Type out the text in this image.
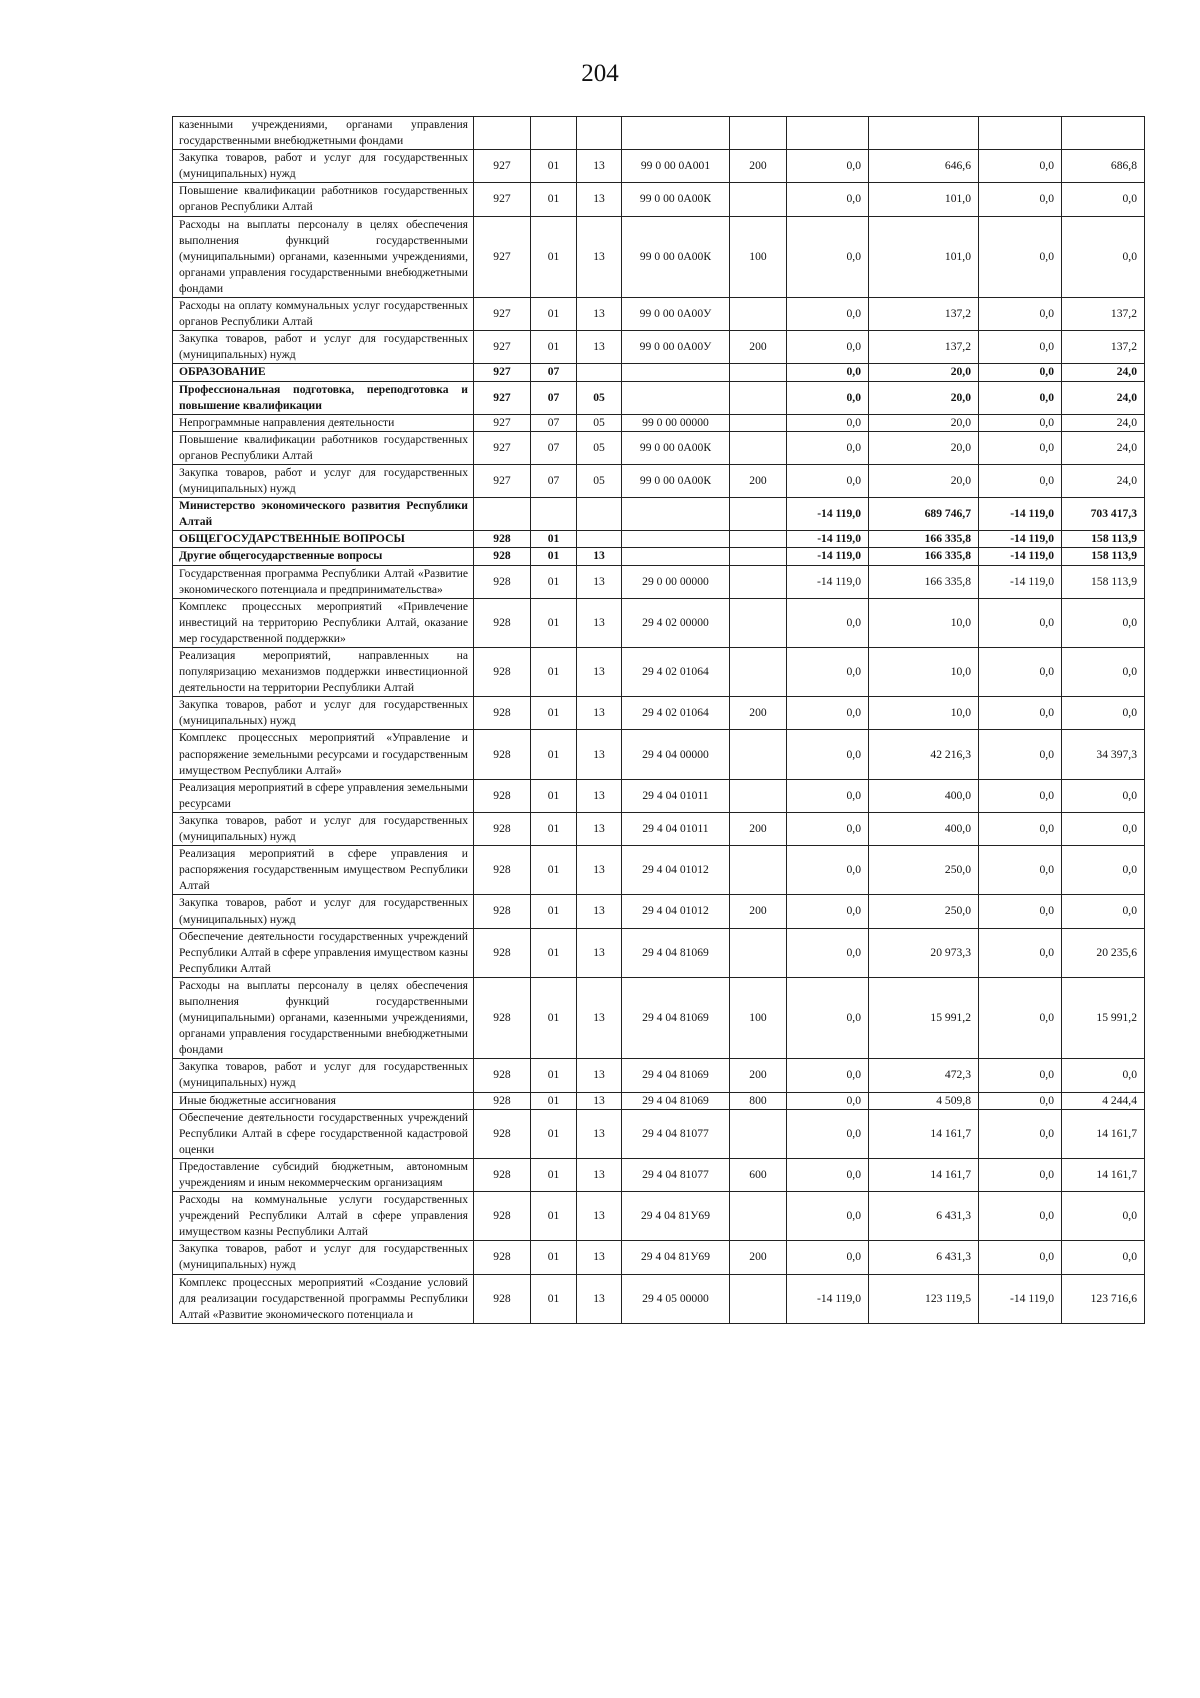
204
казенными учреждениями, органами управления государственными внебюджетными фондами									
Закупка товаров, работ и услуг для государственных (муниципальных) нужд	927	01	13	99 0 00 0А001	200	0,0	646,6	0,0	686,8
Повышение квалификации работников государственных органов Республики Алтай	927	01	13	99 0 00 0А00К		0,0	101,0	0,0	0,0
Расходы на выплаты персоналу в целях обеспечения выполнения функций государственными (муниципальными) органами, казенными учреждениями, органами управления государственными внебюджетными фондами	927	01	13	99 0 00 0А00К	100	0,0	101,0	0,0	0,0
Расходы на оплату коммунальных услуг государственных органов Республики Алтай	927	01	13	99 0 00 0А00У		0,0	137,2	0,0	137,2
Закупка товаров, работ и услуг для государственных (муниципальных) нужд	927	01	13	99 0 00 0А00У	200	0,0	137,2	0,0	137,2
ОБРАЗОВАНИЕ	927	07				0,0	20,0	0,0	24,0
Профессиональная подготовка, переподготовка и повышение квалификации	927	07	05			0,0	20,0	0,0	24,0
Непрограммные направления деятельности	927	07	05	99 0 00 00000		0,0	20,0	0,0	24,0
Повышение квалификации работников государственных органов Республики Алтай	927	07	05	99 0 00 0А00К		0,0	20,0	0,0	24,0
Закупка товаров, работ и услуг для государственных (муниципальных) нужд	927	07	05	99 0 00 0А00К	200	0,0	20,0	0,0	24,0
Министерство экономического развития Республики Алтай						-14 119,0	689 746,7	-14 119,0	703 417,3
ОБЩЕГОСУДАРСТВЕННЫЕ ВОПРОСЫ	928	01				-14 119,0	166 335,8	-14 119,0	158 113,9
Другие общегосударственные вопросы	928	01	13			-14 119,0	166 335,8	-14 119,0	158 113,9
Государственная программа Республики Алтай «Развитие экономического потенциала и предпринимательства»	928	01	13	29 0 00 00000		-14 119,0	166 335,8	-14 119,0	158 113,9
Комплекс процессных мероприятий «Привлечение инвестиций на территорию Республики Алтай, оказание мер государственной поддержки»	928	01	13	29 4 02 00000		0,0	10,0	0,0	0,0
Реализация мероприятий, направленных на популяризацию механизмов поддержки инвестиционной деятельности на территории Республики Алтай	928	01	13	29 4 02 01064		0,0	10,0	0,0	0,0
Закупка товаров, работ и услуг для государственных (муниципальных) нужд	928	01	13	29 4 02 01064	200	0,0	10,0	0,0	0,0
Комплекс процессных мероприятий «Управление и распоряжение земельными ресурсами и государственным имуществом Республики Алтай»	928	01	13	29 4 04 00000		0,0	42 216,3	0,0	34 397,3
Реализация мероприятий в сфере управления земельными ресурсами	928	01	13	29 4 04 01011		0,0	400,0	0,0	0,0
Закупка товаров, работ и услуг для государственных (муниципальных) нужд	928	01	13	29 4 04 01011	200	0,0	400,0	0,0	0,0
Реализация мероприятий в сфере управления и распоряжения государственным имуществом Республики Алтай	928	01	13	29 4 04 01012		0,0	250,0	0,0	0,0
Закупка товаров, работ и услуг для государственных (муниципальных) нужд	928	01	13	29 4 04 01012	200	0,0	250,0	0,0	0,0
Обеспечение деятельности государственных учреждений Республики Алтай в сфере управления имуществом казны Республики Алтай	928	01	13	29 4 04 81069		0,0	20 973,3	0,0	20 235,6
Расходы на выплаты персоналу в целях обеспечения выполнения функций государственными (муниципальными) органами, казенными учреждениями, органами управления государственными внебюджетными фондами	928	01	13	29 4 04 81069	100	0,0	15 991,2	0,0	15 991,2
Закупка товаров, работ и услуг для государственных (муниципальных) нужд	928	01	13	29 4 04 81069	200	0,0	472,3	0,0	0,0
Иные бюджетные ассигнования	928	01	13	29 4 04 81069	800	0,0	4 509,8	0,0	4 244,4
Обеспечение деятельности государственных учреждений Республики Алтай в сфере государственной кадастровой оценки	928	01	13	29 4 04 81077		0,0	14 161,7	0,0	14 161,7
Предоставление субсидий бюджетным, автономным учреждениям и иным некоммерческим организациям	928	01	13	29 4 04 81077	600	0,0	14 161,7	0,0	14 161,7
Расходы на коммунальные услуги государственных учреждений Республики Алтай в сфере управления имуществом казны Республики Алтай	928	01	13	29 4 04 81У69		0,0	6 431,3	0,0	0,0
Закупка товаров, работ и услуг для государственных (муниципальных) нужд	928	01	13	29 4 04 81У69	200	0,0	6 431,3	0,0	0,0
Комплекс процессных мероприятий «Создание условий для реализации государственной программы Республики Алтай «Развитие экономического потенциала и	928	01	13	29 4 05 00000		-14 119,0	123 119,5	-14 119,0	123 716,6
